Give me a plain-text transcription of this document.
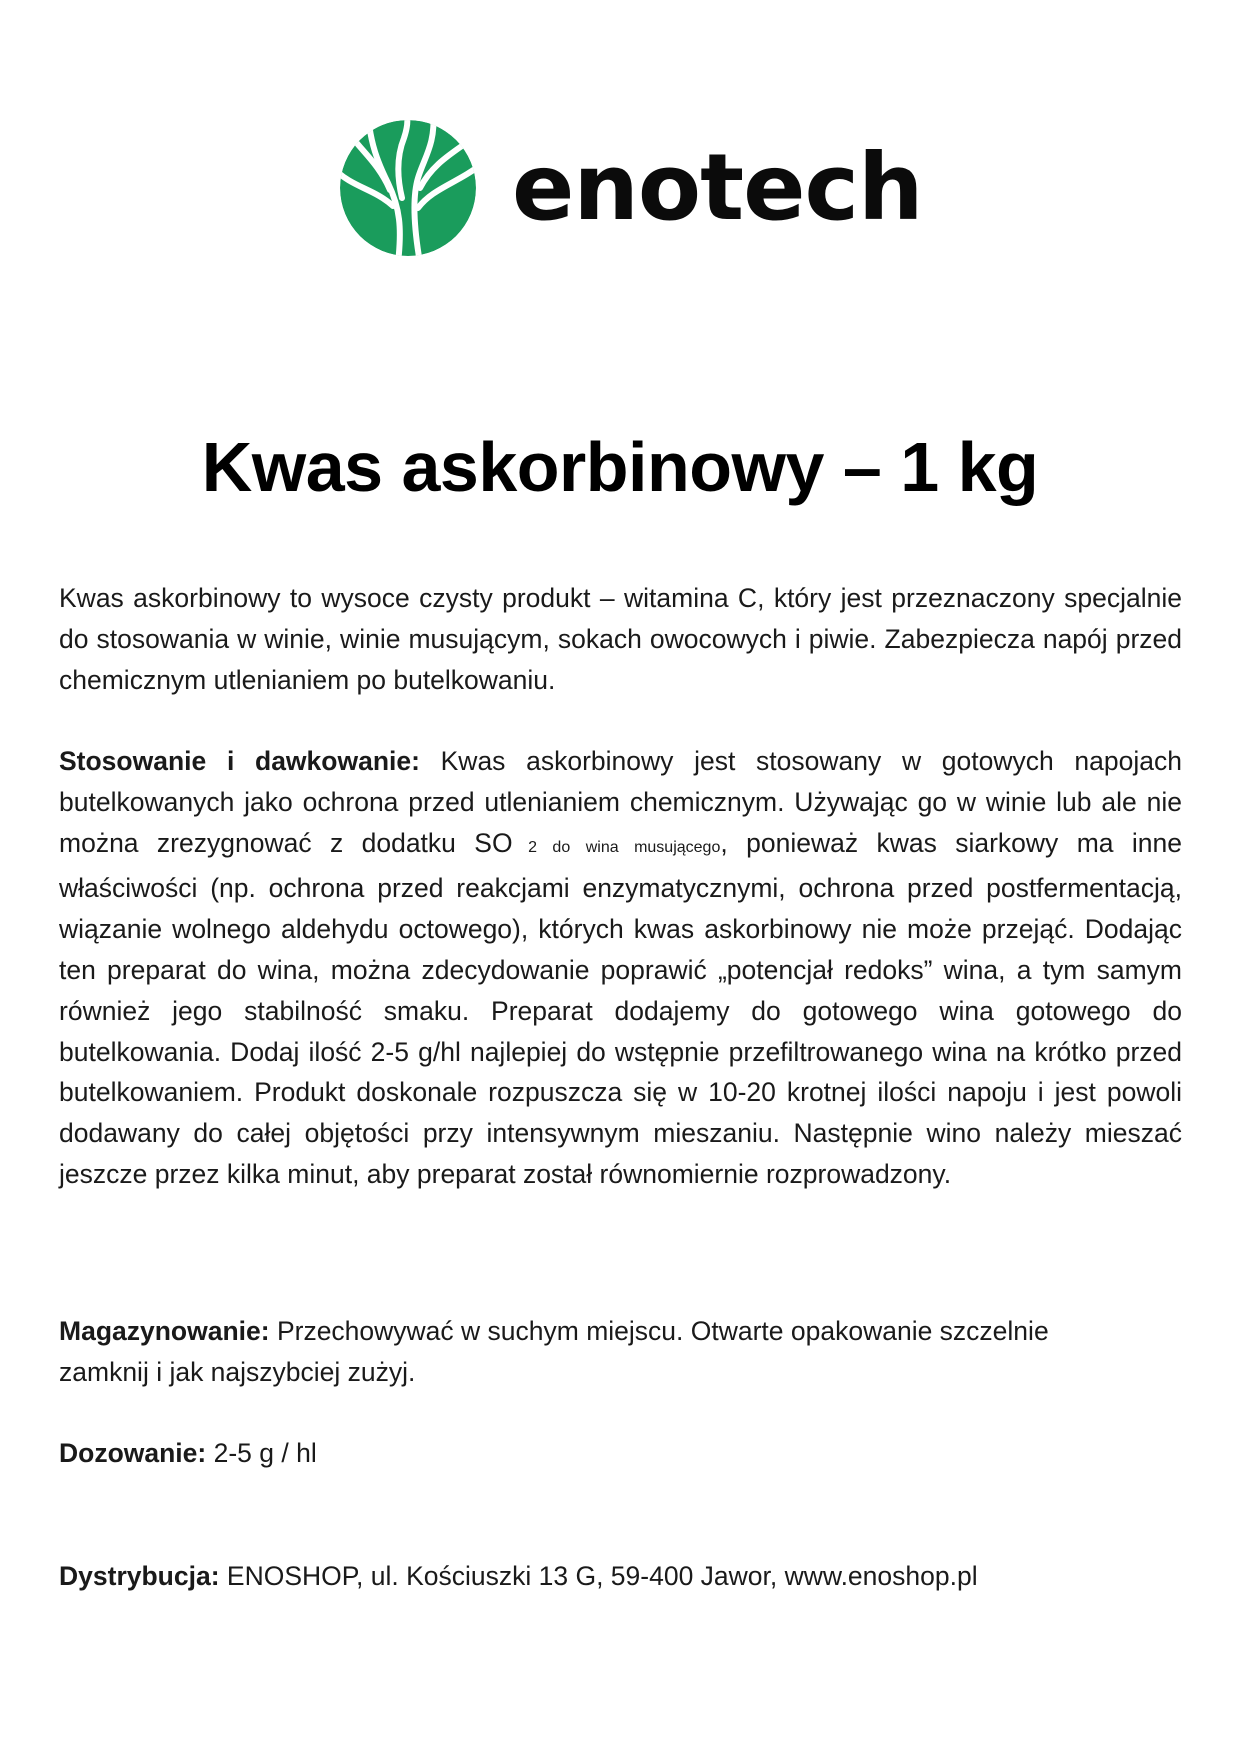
enotech
Kwas askorbinowy – 1 kg

Kwas askorbinowy to wysoce czysty produkt – witamina C, który jest przeznaczony specjalnie do stosowania w winie, winie musującym, sokach owocowych i piwie. Zabezpiecza napój przed chemicznym utlenianiem po butelkowaniu.

Stosowanie i dawkowanie: Kwas askorbinowy jest stosowany w gotowych napojach butelkowanych jako ochrona przed utlenianiem chemicznym. Używając go w winie lub ale nie można zrezygnować z dodatku SO 2 do wina musującego, ponieważ kwas siarkowy ma inne właściwości (np. ochrona przed reakcjami enzymatycznymi, ochrona przed postfermentacją, wiązanie wolnego aldehydu octowego), których kwas askorbinowy nie może przejąć. Dodając ten preparat do wina, można zdecydowanie poprawić „potencjał redoks” wina, a tym samym również jego stabilność smaku. Preparat dodajemy do gotowego wina gotowego do butelkowania. Dodaj ilość 2-5 g/hl najlepiej do wstępnie przefiltrowanego wina na krótko przed butelkowaniem. Produkt doskonale rozpuszcza się w 10-20 krotnej ilości napoju i jest powoli dodawany do całej objętości przy intensywnym mieszaniu. Następnie wino należy mieszać jeszcze przez kilka minut, aby preparat został równomiernie rozprowadzony.

Magazynowanie: Przechowywać w suchym miejscu. Otwarte opakowanie szczelnie zamknij i jak najszybciej zużyj.

Dozowanie: 2-5 g / hl

Dystrybucja: ENOSHOP, ul. Kościuszki 13 G, 59-400 Jawor, www.enoshop.pl
